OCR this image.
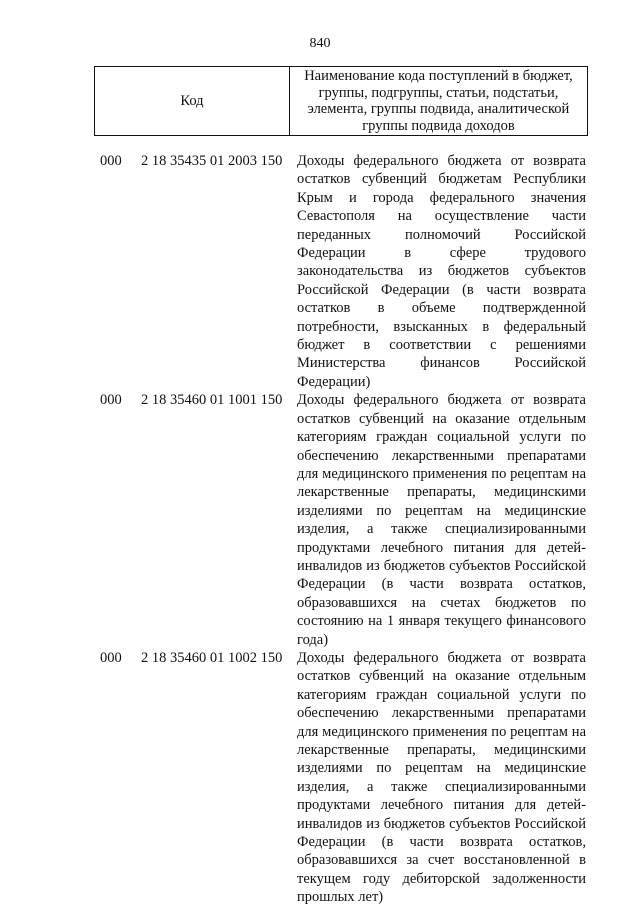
840
Код	
Наименование кода поступлений в бюджет,
группы, подгруппы, статьи, подстатьи,
элемента, группы подвида, аналитической
группы подвида доходов
000 2 18 35435 01 2003 150 Доходы федерального бюджета от возврата
остатков субвенций бюджетам Республики
Крым и города федерального значения
Севастополя на осуществление части
переданных полномочий Российской
Федерации в сфере трудового
законодательства из бюджетов субъектов
Российской Федерации (в части возврата
остатков в объеме подтвержденной
потребности, взысканных в федеральный
бюджет в соответствии с решениями
Министерства финансов Российской
Федерации)
000 2 18 35460 01 1001 150 Доходы федерального бюджета от возврата
остатков субвенций на оказание отдельным
категориям граждан социальной услуги по
обеспечению лекарственными препаратами
для медицинского применения по рецептам на
лекарственные препараты, медицинскими
изделиями по рецептам на медицинские
изделия, а также специализированными
продуктами лечебного питания для детей-
инвалидов из бюджетов субъектов Российской
Федерации (в части возврата остатков,
образовавшихся на счетах бюджетов по
состоянию на 1 января текущего финансового
года)
000 2 18 35460 01 1002 150 Доходы федерального бюджета от возврата
остатков субвенций на оказание отдельным
категориям граждан социальной услуги по
обеспечению лекарственными препаратами
для медицинского применения по рецептам на
лекарственные препараты, медицинскими
изделиями по рецептам на медицинские
изделия, а также специализированными
продуктами лечебного питания для детей-
инвалидов из бюджетов субъектов Российской
Федерации (в части возврата остатков,
образовавшихся за счет восстановленной в
текущем году дебиторской задолженности
прошлых лет)
